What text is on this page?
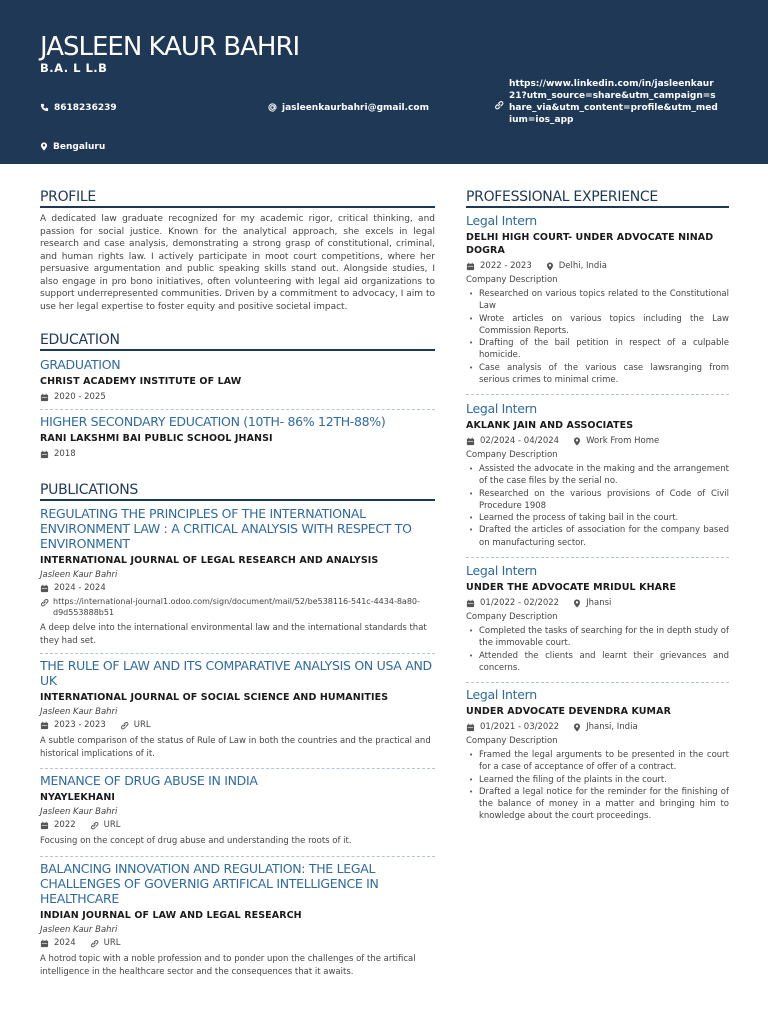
JASLEEN KAUR BAHRI
B.A. L L.B
8618236239	jasleenkaurbahri@gmail.com
https://www.linkedin.com/in/jasleenkaur21?utm_source=share&utm_campaign=share_via&utm_content=profile&utm_medium=ios_app
Bengaluru
PROFILE
A dedicated law graduate recognized for my academic rigor, critical thinking, and passion for social justice. Known for the analytical approach, she excels in legal research and case analysis, demonstrating a strong grasp of constitutional, criminal, and human rights law. I actively participate in moot court competitions, where her persuasive argumentation and public speaking skills stand out. Alongside studies, I also engage in pro bono initiatives, often volunteering with legal aid organizations to support underrepresented communities. Driven by a commitment to advocacy, I aim to use her legal expertise to foster equity and positive societal impact.
EDUCATION
GRADUATION
CHRIST ACADEMY INSTITUTE OF LAW
2020 - 2025
HIGHER SECONDARY EDUCATION (10TH- 86% 12TH-88%)
RANI LAKSHMI BAI PUBLIC SCHOOL JHANSI
2018
PUBLICATIONS
REGULATING THE PRINCIPLES OF THE INTERNATIONAL ENVIRONMENT LAW : A CRITICAL ANALYSIS WITH RESPECT TO ENVIRONMENT
INTERNATIONAL JOURNAL OF LEGAL RESEARCH AND ANALYSIS
Jasleen Kaur Bahri
2024 - 2024
https://international-journal1.odoo.com/sign/document/mail/52/be538116-541c-4434-8a80-d9d553888b51
A deep delve into the international environmental law and the international standards that they had set.
THE RULE OF LAW AND ITS COMPARATIVE ANALYSIS ON USA AND UK
INTERNATIONAL JOURNAL OF SOCIAL SCIENCE AND HUMANITIES
Jasleen Kaur Bahri
2023 - 2023	URL
A subtle comparison of the status of Rule of Law in both the countries and the practical and historical implications of it.
MENANCE OF DRUG ABUSE IN INDIA
NYAYLEKHANI
Jasleen Kaur Bahri
2022	URL
Focusing on the concept of drug abuse and understanding the roots of it.
BALANCING INNOVATION AND REGULATION: THE LEGAL CHALLENGES OF GOVERNIG ARTIFICAL INTELLIGENCE IN HEALTHCARE
INDIAN JOURNAL OF LAW AND LEGAL RESEARCH
Jasleen Kaur Bahri
2024	URL
A hotrod topic with a noble profession and to ponder upon the challenges of the artifical intelligence in the healthcare sector and the consequences that it awaits.
PROFESSIONAL EXPERIENCE
Legal Intern
DELHI HIGH COURT- UNDER ADVOCATE NINAD DOGRA
2022 - 2023	Delhi, India
Company Description
• Researched on various topics related to the Constitutional Law
• Wrote articles on various topics including the Law Commission Reports.
• Drafting of the bail petition in respect of a culpable homicide.
• Case analysis of the various case lawsranging from serious crimes to minimal crime.
Legal Intern
AKLANK JAIN AND ASSOCIATES
02/2024 - 04/2024	Work From Home
Company Description
• Assisted the advocate in the making and the arrangement of the case files by the serial no.
• Researched on the various provisions of Code of Civil Procedure 1908
• Learned the process of taking bail in the court.
• Drafted the articles of association for the company based on manufacturing sector.
Legal Intern
UNDER THE ADVOCATE MRIDUL KHARE
01/2022 - 02/2022	Jhansi
Company Description
• Completed the tasks of searching for the in depth study of the immovable court.
• Attended the clients and learnt their grievances and concerns.
Legal Intern
UNDER ADVOCATE DEVENDRA KUMAR
01/2021 - 03/2022	Jhansi, India
Company Description
• Framed the legal arguments to be presented in the court for a case of acceptance of offer of a contract.
• Learned the filing of the plaints in the court.
• Drafted a legal notice for the reminder for the finishing of the balance of money in a matter and bringing him to knowledge about the court proceedings.
